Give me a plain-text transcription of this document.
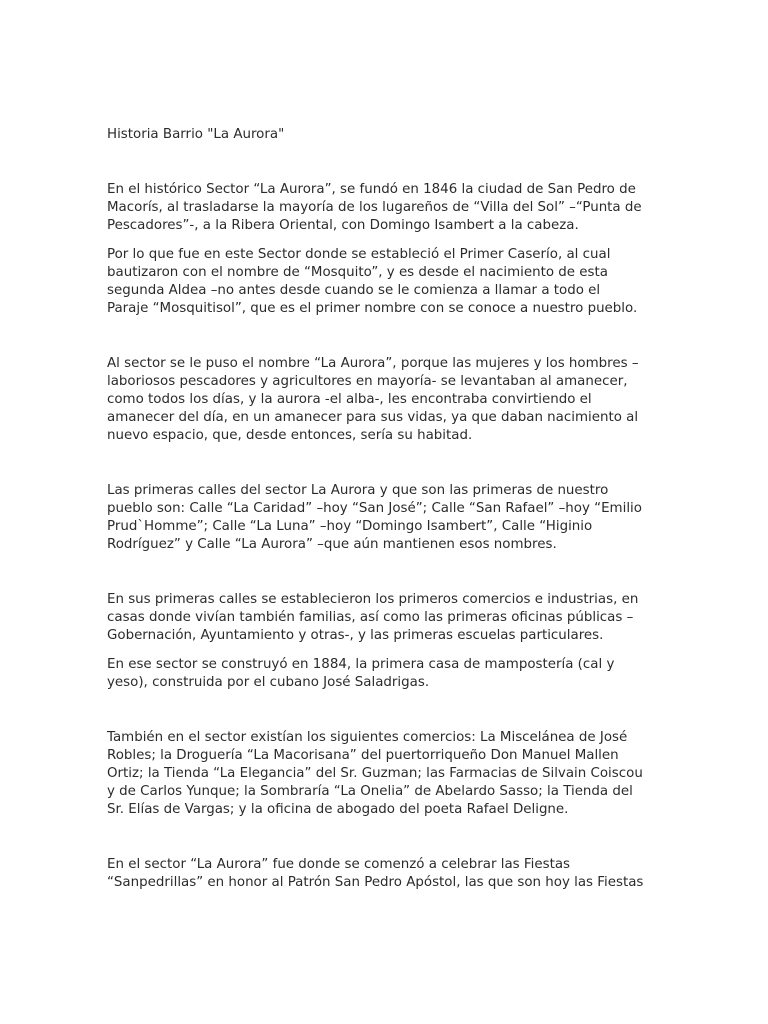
Historia Barrio "La Aurora"

En el histórico Sector “La Aurora”, se fundó en 1846 la ciudad de San Pedro de
Macorís, al trasladarse la mayoría de los lugareños de “Villa del Sol” –“Punta de
Pescadores”-, a la Ribera Oriental, con Domingo Isambert a la cabeza.

Por lo que fue en este Sector donde se estableció el Primer Caserío, al cual
bautizaron con el nombre de “Mosquito”, y es desde el nacimiento de esta
segunda Aldea –no antes desde cuando se le comienza a llamar a todo el
Paraje “Mosquitisol”, que es el primer nombre con se conoce a nuestro pueblo.

Al sector se le puso el nombre “La Aurora”, porque las mujeres y los hombres –
laboriosos pescadores y agricultores en mayoría- se levantaban al amanecer,
como todos los días, y la aurora -el alba-, les encontraba convirtiendo el
amanecer del día, en un amanecer para sus vidas, ya que daban nacimiento al
nuevo espacio, que, desde entonces, sería su habitad.

Las primeras calles del sector La Aurora y que son las primeras de nuestro
pueblo son: Calle “La Caridad” –hoy “San José”; Calle “San Rafael” –hoy “Emilio
Prud`Homme”; Calle “La Luna” –hoy “Domingo Isambert”, Calle “Higinio
Rodríguez” y Calle “La Aurora” –que aún mantienen esos nombres.

En sus primeras calles se establecieron los primeros comercios e industrias, en
casas donde vivían también familias, así como las primeras oficinas públicas –
Gobernación, Ayuntamiento y otras-, y las primeras escuelas particulares.

En ese sector se construyó en 1884, la primera casa de mampostería (cal y
yeso), construida por el cubano José Saladrigas.

También en el sector existían los siguientes comercios: La Miscelánea de José
Robles; la Droguería “La Macorisana” del puertorriqueño Don Manuel Mallen
Ortiz; la Tienda “La Elegancia” del Sr. Guzman; las Farmacias de Silvain Coiscou
y de Carlos Yunque; la Sombraría “La Onelia” de Abelardo Sasso; la Tienda del
Sr. Elías de Vargas; y la oficina de abogado del poeta Rafael Deligne.

En el sector “La Aurora” fue donde se comenzó a celebrar las Fiestas
“Sanpedrillas” en honor al Patrón San Pedro Apóstol, las que son hoy las Fiestas
